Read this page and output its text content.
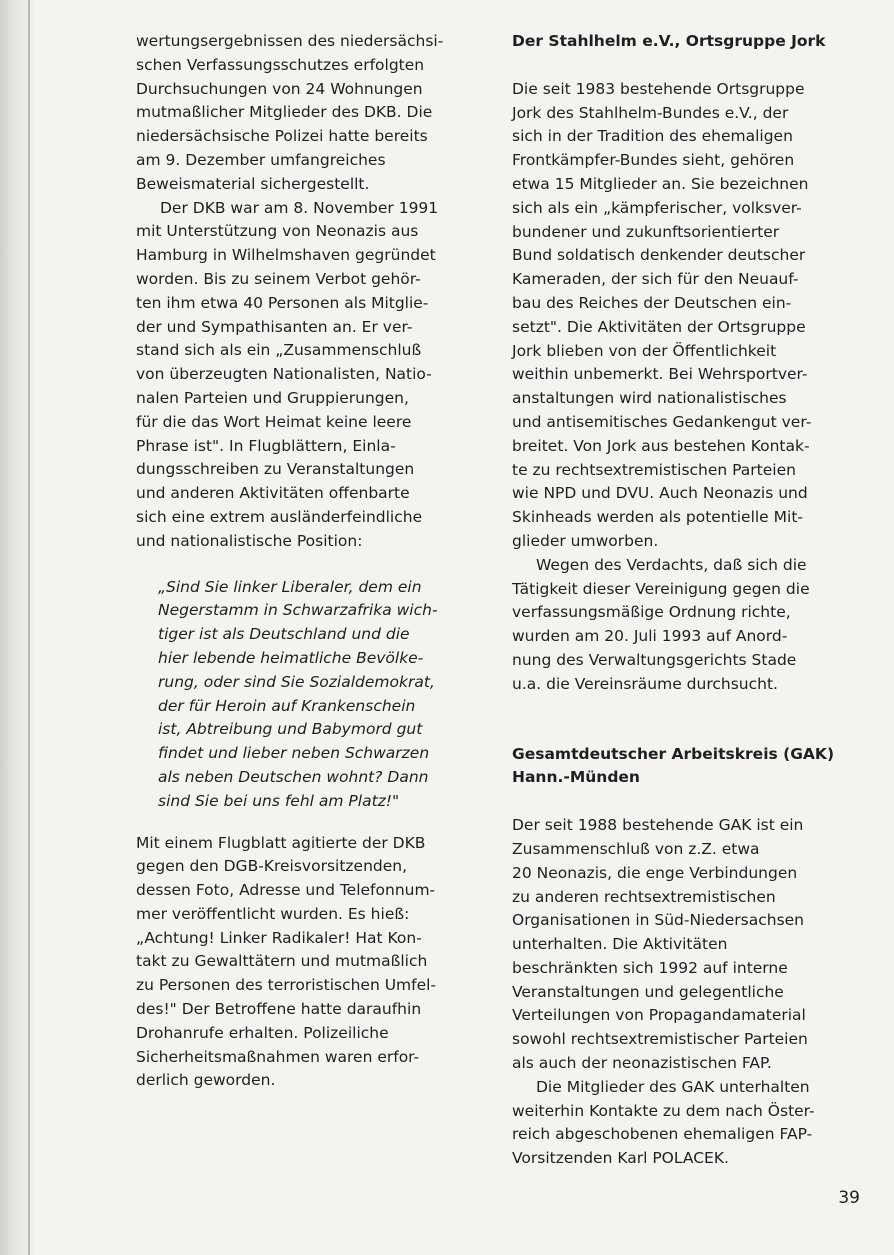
wertungsergebnissen des niedersächsi-
schen Verfassungsschutzes erfolgten
Durchsuchungen von 24 Wohnungen
mutmaßlicher Mitglieder des DKB. Die
niedersächsische Polizei hatte bereits
am 9. Dezember umfangreiches
Beweismaterial sichergestellt.

Der DKB war am 8. November 1991
mit Unterstützung von Neonazis aus
Hamburg in Wilhelmshaven gegründet
worden. Bis zu seinem Verbot gehör-
ten ihm etwa 40 Personen als Mitglie-
der und Sympathisanten an. Er ver-
stand sich als ein „Zusammenschluß
von überzeugten Nationalisten, Natio-
nalen Parteien und Gruppierungen,
für die das Wort Heimat keine leere
Phrase ist". In Flugblättern, Einla-
dungsschreiben zu Veranstaltungen
und anderen Aktivitäten offenbarte
sich eine extrem ausländerfeindliche
und nationalistische Position:

„Sind Sie linker Liberaler, dem ein
Negerstamm in Schwarzafrika wich-
tiger ist als Deutschland und die
hier lebende heimatliche Bevölke-
rung, oder sind Sie Sozialdemokrat,
der für Heroin auf Krankenschein
ist, Abtreibung und Babymord gut
findet und lieber neben Schwarzen
als neben Deutschen wohnt? Dann
sind Sie bei uns fehl am Platz!"

Mit einem Flugblatt agitierte der DKB
gegen den DGB-Kreisvorsitzenden,
dessen Foto, Adresse und Telefonnum-
mer veröffentlicht wurden. Es hieß:
„Achtung! Linker Radikaler! Hat Kon-
takt zu Gewalttätern und mutmaßlich
zu Personen des terroristischen Umfel-
des!" Der Betroffene hatte daraufhin
Drohanrufe erhalten. Polizeiliche
Sicherheitsmaßnahmen waren erfor-
derlich geworden.

Der Stahlhelm e.V., Ortsgruppe Jork

Die seit 1983 bestehende Ortsgruppe
Jork des Stahlhelm-Bundes e.V., der
sich in der Tradition des ehemaligen
Frontkämpfer-Bundes sieht, gehören
etwa 15 Mitglieder an. Sie bezeichnen
sich als ein „kämpferischer, volksver-
bundener und zukunftsorientierter
Bund soldatisch denkender deutscher
Kameraden, der sich für den Neuauf-
bau des Reiches der Deutschen ein-
setzt". Die Aktivitäten der Ortsgruppe
Jork blieben von der Öffentlichkeit
weithin unbemerkt. Bei Wehrsportver-
anstaltungen wird nationalistisches
und antisemitisches Gedankengut ver-
breitet. Von Jork aus bestehen Kontak-
te zu rechtsextremistischen Parteien
wie NPD und DVU. Auch Neonazis und
Skinheads werden als potentielle Mit-
glieder umworben.

Wegen des Verdachts, daß sich die
Tätigkeit dieser Vereinigung gegen die
verfassungsmäßige Ordnung richte,
wurden am 20. Juli 1993 auf Anord-
nung des Verwaltungsgerichts Stade
u.a. die Vereinsräume durchsucht.

Gesamtdeutscher Arbeitskreis (GAK)
Hann.-Münden

Der seit 1988 bestehende GAK ist ein
Zusammenschluß von z.Z. etwa
20 Neonazis, die enge Verbindungen
zu anderen rechtsextremistischen
Organisationen in Süd-Niedersachsen
unterhalten. Die Aktivitäten
beschränkten sich 1992 auf interne
Veranstaltungen und gelegentliche
Verteilungen von Propagandamaterial
sowohl rechtsextremistischer Parteien
als auch der neonazistischen FAP.

Die Mitglieder des GAK unterhalten
weiterhin Kontakte zu dem nach Öster-
reich abgeschobenen ehemaligen FAP-
Vorsitzenden Karl POLACEK.

39
